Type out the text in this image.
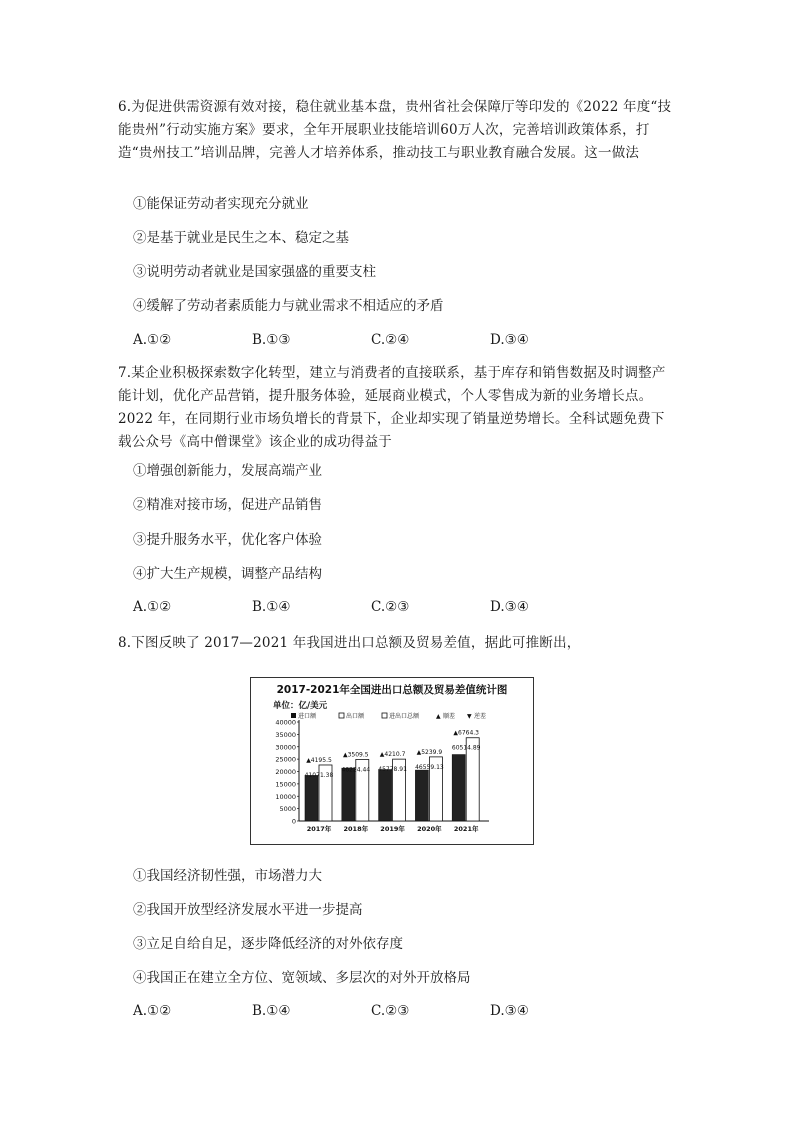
6.为促进供需资源有效对接，稳住就业基本盘，贵州省社会保障厅等印发的《2022 年度“技能贵州”行动实施方案》要求，全年开展职业技能培训60万人次，完善培训政策体系，打造“贵州技工”培训品牌，完善人才培养体系，推动技工与职业教育融合发展。这一做法

①能保证劳动者实现充分就业

②是基于就业是民生之本、稳定之基

③说明劳动者就业是国家强盛的重要支柱

④缓解了劳动者素质能力与就业需求不相适应的矛盾

A.①②	B.①③	C.②④	D.③④

7.某企业积极探索数字化转型，建立与消费者的直接联系，基于库存和销售数据及时调整产能计划，优化产品营销，提升服务体验，延展商业模式，个人零售成为新的业务增长点。2022 年，在同期行业市场负增长的背景下，企业却实现了销量逆势增长。全科试题免费下载公众号《高中僧课堂》该企业的成功得益于

①增强创新能力，发展高端产业

②精准对接市场，促进产品销售

③提升服务水平，优化客户体验

④扩大生产规模，调整产品结构

A.①②	B.①④	C.②③	D.③④

8.下图反映了 2017—2021 年我国进出口总额及贸易差值，据此可推断出，

2017-2021年全国进出口总额及贸易差值统计图
单位：亿/美元
进口额	出口额	进出口总额	▲ 顺差 ▼ 逆差
40000
35000
30000
25000
20000
15000
10000
5000
0
41071.38
▲4195.5
2017年
46224.44
▲3509.5
2018年
45778.91
▲4210.7
2019年
46559.13
▲5239.9
2020年
60514.89
▲6764.3
2021年

①我国经济韧性强，市场潜力大

②我国开放型经济发展水平进一步提高

③立足自给自足，逐步降低经济的对外依存度

④我国正在建立全方位、宽领域、多层次的对外开放格局

A.①②	B.①④	C.②③	D.③④
